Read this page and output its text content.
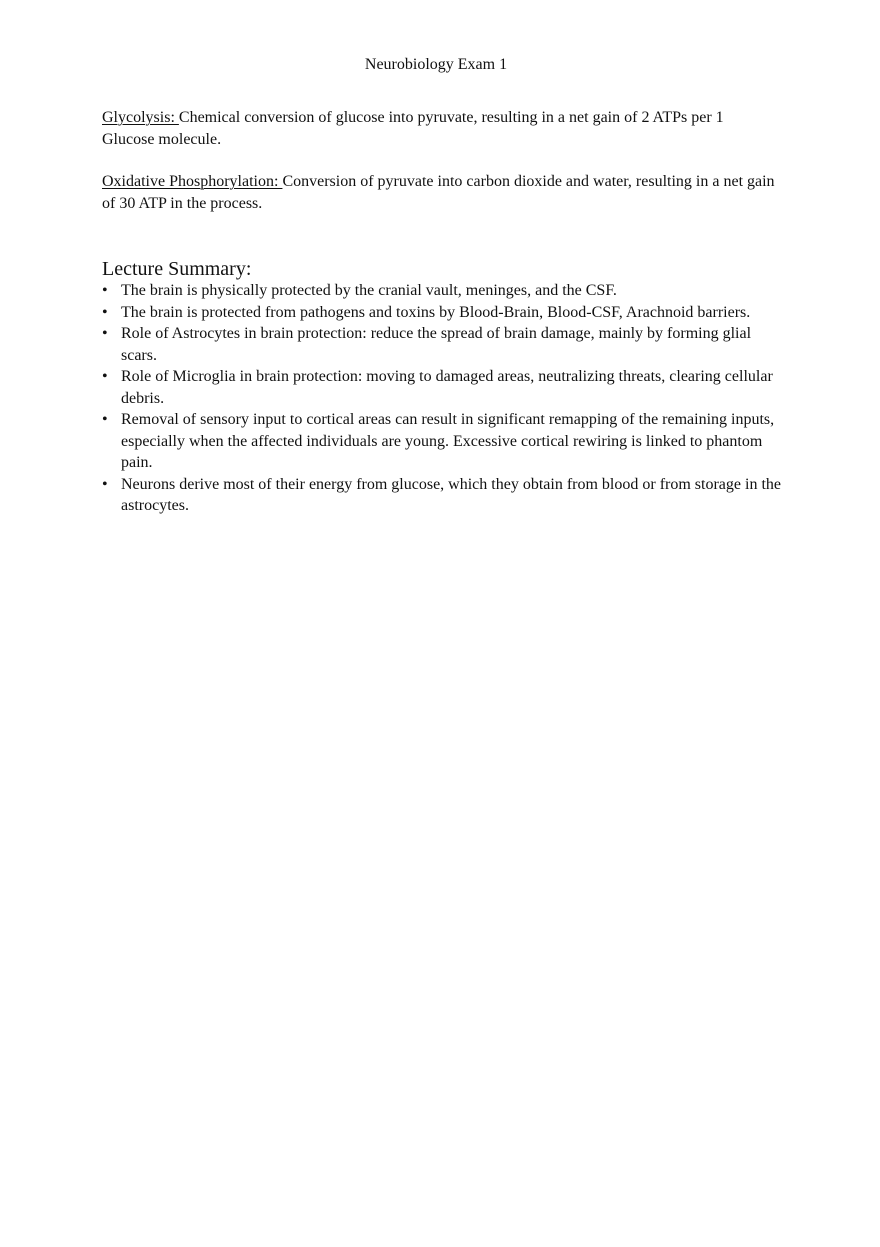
Neurobiology Exam 1

Glycolysis: Chemical conversion of glucose into pyruvate, resulting in a net gain of 2 ATPs per 1 Glucose molecule.

Oxidative Phosphorylation: Conversion of pyruvate into carbon dioxide and water, resulting in a net gain of 30 ATP in the process.

Lecture Summary:
• The brain is physically protected by the cranial vault, meninges, and the CSF.
• The brain is protected from pathogens and toxins by Blood-Brain, Blood-CSF, Arachnoid barriers.
• Role of Astrocytes in brain protection: reduce the spread of brain damage, mainly by forming glial scars.
• Role of Microglia in brain protection: moving to damaged areas, neutralizing threats, clearing cellular debris.
• Removal of sensory input to cortical areas can result in significant remapping of the remaining inputs, especially when the affected individuals are young. Excessive cortical rewiring is linked to phantom pain.
• Neurons derive most of their energy from glucose, which they obtain from blood or from storage in the astrocytes.
